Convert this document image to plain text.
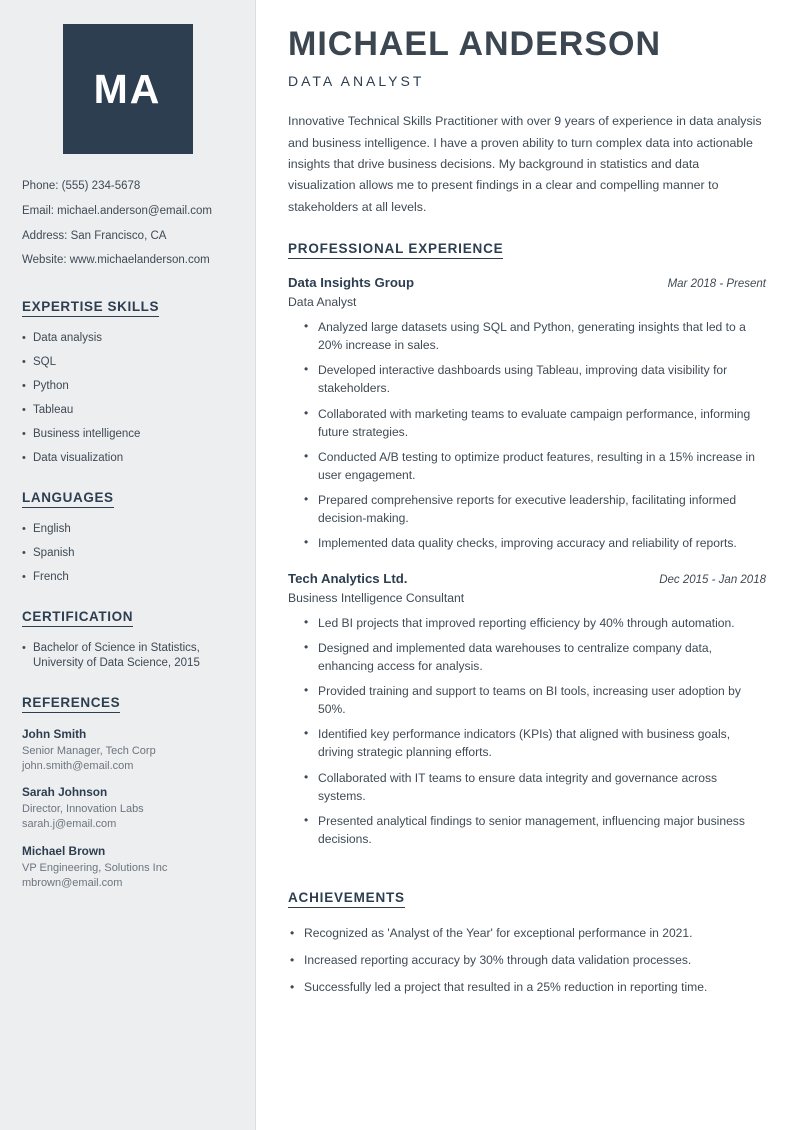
MA
Phone: (555) 234-5678
Email: michael.anderson@email.com
Address: San Francisco, CA
Website: www.michaelanderson.com
EXPERTISE SKILLS
• Data analysis
• SQL
• Python
• Tableau
• Business intelligence
• Data visualization
LANGUAGES
• English
• Spanish
• French
CERTIFICATION
• Bachelor of Science in Statistics, University of Data Science, 2015
REFERENCES
John Smith
Senior Manager, Tech Corp
john.smith@email.com
Sarah Johnson
Director, Innovation Labs
sarah.j@email.com
Michael Brown
VP Engineering, Solutions Inc
mbrown@email.com
MICHAEL ANDERSON
DATA ANALYST

Innovative Technical Skills Practitioner with over 9 years of experience in data analysis and business intelligence. I have a proven ability to turn complex data into actionable insights that drive business decisions. My background in statistics and data visualization allows me to present findings in a clear and compelling manner to stakeholders at all levels.

PROFESSIONAL EXPERIENCE
Data Insights Group	Mar 2018 - Present
Data Analyst
• Analyzed large datasets using SQL and Python, generating insights that led to a 20% increase in sales.
• Developed interactive dashboards using Tableau, improving data visibility for stakeholders.
• Collaborated with marketing teams to evaluate campaign performance, informing future strategies.
• Conducted A/B testing to optimize product features, resulting in a 15% increase in user engagement.
• Prepared comprehensive reports for executive leadership, facilitating informed decision-making.
• Implemented data quality checks, improving accuracy and reliability of reports.
Tech Analytics Ltd.	Dec 2015 - Jan 2018
Business Intelligence Consultant
• Led BI projects that improved reporting efficiency by 40% through automation.
• Designed and implemented data warehouses to centralize company data, enhancing access for analysis.
• Provided training and support to teams on BI tools, increasing user adoption by 50%.
• Identified key performance indicators (KPIs) that aligned with business goals, driving strategic planning efforts.
• Collaborated with IT teams to ensure data integrity and governance across systems.
• Presented analytical findings to senior management, influencing major business decisions.
ACHIEVEMENTS
• Recognized as 'Analyst of the Year' for exceptional performance in 2021.
• Increased reporting accuracy by 30% through data validation processes.
• Successfully led a project that resulted in a 25% reduction in reporting time.
